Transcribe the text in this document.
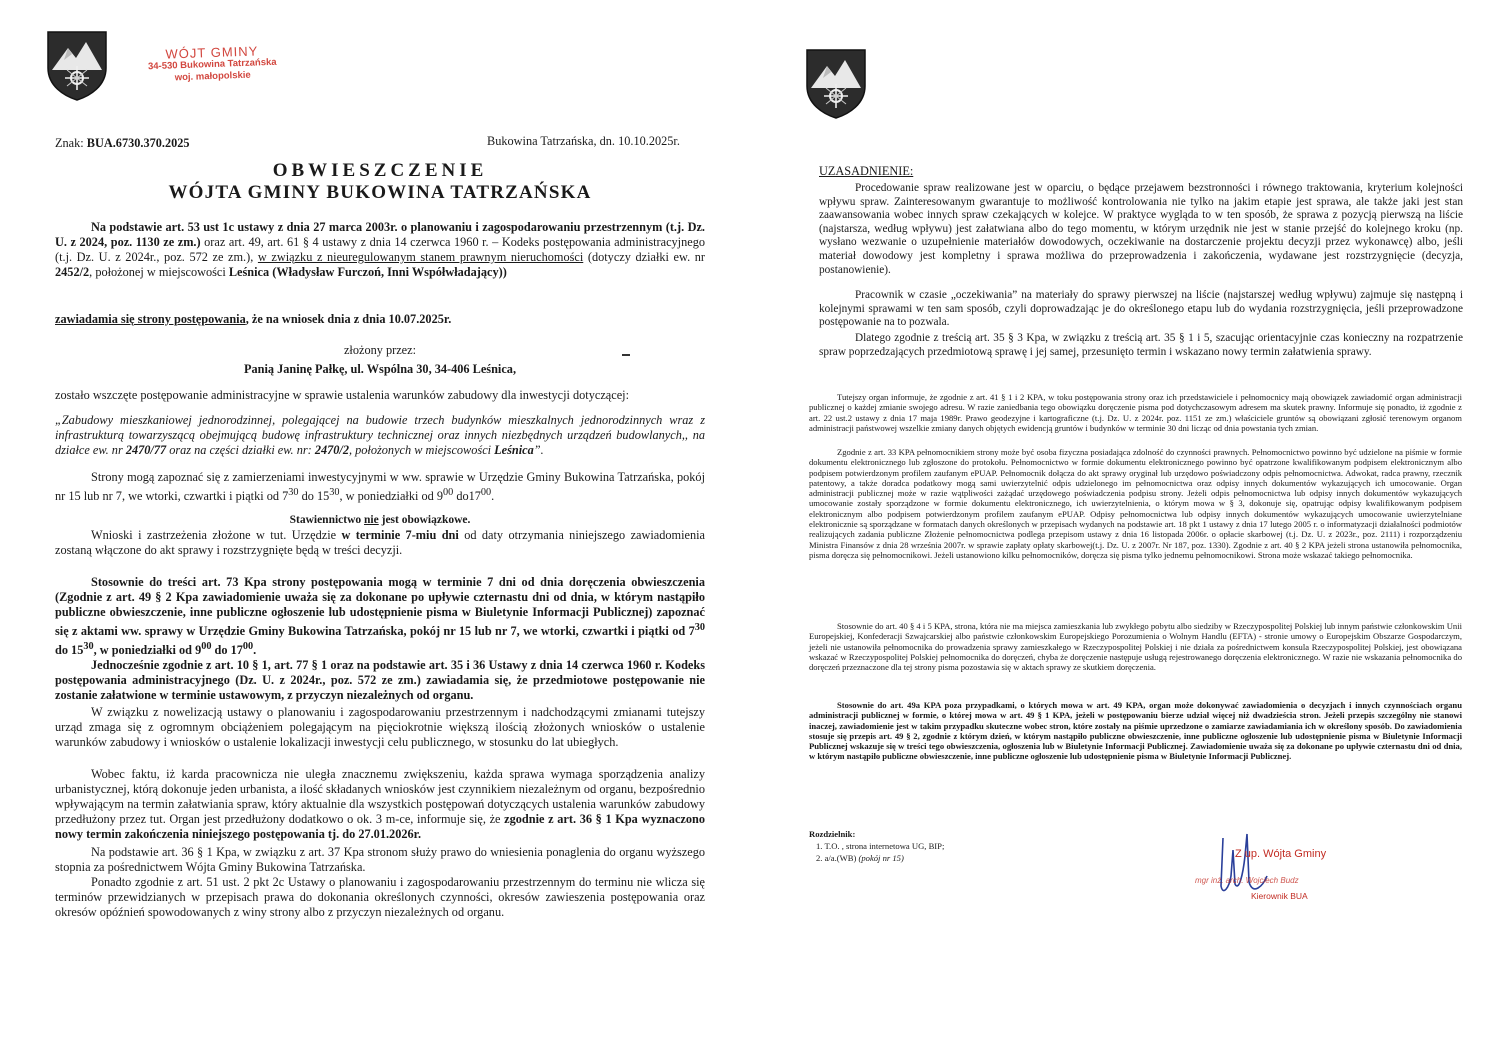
WÓJT GMINY
34-530 Bukowina Tatrzańska
woj. małopolskie
Znak: BUA.6730.370.2025	Bukowina Tatrzańska, dn. 10.10.2025r.
OBWIESZCZENIE
WÓJTA GMINY BUKOWINA TATRZAŃSKA
Na podstawie art. 53 ust 1c ustawy z dnia 27 marca 2003r. o planowaniu i zagospodarowaniu przestrzennym (t.j. Dz. U. z 2024, poz. 1130 ze zm.) oraz art. 49, art. 61 § 4 ustawy z dnia 14 czerwca 1960 r. – Kodeks postępowania administracyjnego (t.j. Dz. U. z 2024r., poz. 572 ze zm.), w związku z nieuregulowanym stanem prawnym nieruchomości (dotyczy działki ew. nr 2452/2, położonej w miejscowości Leśnica (Władysław Furczoń, Inni Współwładający))
zawiadamia się strony postępowania, że na wniosek dnia z dnia 10.07.2025r.
złożony przez:
Panią Janinę Pałkę, ul. Wspólna 30, 34-406 Leśnica,
zostało wszczęte postępowanie administracyjne w sprawie ustalenia warunków zabudowy dla inwestycji dotyczącej:
„Zabudowy mieszkaniowej jednorodzinnej, polegającej na budowie trzech budynków mieszkalnych jednorodzinnych wraz z infrastrukturą towarzyszącą obejmującą budowę infrastruktury technicznej oraz innych niezbędnych urządzeń budowlanych,, na działce ew. nr 2470/77 oraz na części działki ew. nr: 2470/2, położonych w miejscowości Leśnica”.
Strony mogą zapoznać się z zamierzeniami inwestycyjnymi w ww. sprawie w Urzędzie Gminy Bukowina Tatrzańska, pokój nr 15 lub nr 7, we wtorki, czwartki i piątki od $7^{30}$ do $15^{30}$, w poniedziałki od $9^{00}$ $do17^{00}$.
Stawiennictwo nie jest obowiązkowe.
Wnioski i zastrzeżenia złożone w tut. Urzędzie w terminie 7-miu dni od daty otrzymania niniejszego zawiadomienia zostaną włączone do akt sprawy i rozstrzygnięte będą w treści decyzji.
Stosownie do treści art. 73 Kpa strony postępowania mogą w terminie 7 dni od dnia doręczenia obwieszczenia (Zgodnie z art. 49 § 2 Kpa zawiadomienie uważa się za dokonane po upływie czternastu dni od dnia, w którym nastąpiło publiczne obwieszczenie, inne publiczne ogłoszenie lub udostępnienie pisma w Biuletynie Informacji Publicznej) zapoznać się z aktami ww. sprawy w Urzędzie Gminy Bukowina Tatrzańska, pokój nr 15 lub nr 7, we wtorki, czwartki i piątki od $7^{30}$ do $15^{30}$, w poniedziałki od $9^{00}$ do $17^{00}$.
Jednocześnie zgodnie z art. 10 § 1, art. 77 § 1 oraz na podstawie art. 35 i 36 Ustawy z dnia 14 czerwca 1960 r. Kodeks postępowania administracyjnego (Dz. U. z 2024r., poz. 572 ze zm.) zawiadamia się, że przedmiotowe postępowanie nie zostanie załatwione w terminie ustawowym, z przyczyn niezależnych od organu.
W związku z nowelizacją ustawy o planowaniu i zagospodarowaniu przestrzennym i nadchodzącymi zmianami tutejszy urząd zmaga się z ogromnym obciążeniem polegającym na pięciokrotnie większą ilością złożonych wniosków o ustalenie warunków zabudowy i wniosków o ustalenie lokalizacji inwestycji celu publicznego, w stosunku do lat ubiegłych.
Wobec faktu, iż karda pracownicza nie uległa znacznemu zwiększeniu, każda sprawa wymaga sporządzenia analizy urbanistycznej, którą dokonuje jeden urbanista, a ilość składanych wniosków jest czynnikiem niezależnym od organu, bezpośrednio wpływającym na termin załatwiania spraw, który aktualnie dla wszystkich postępowań dotyczących ustalenia warunków zabudowy przedłużony przez tut. Organ jest przedłużony dodatkowo o ok. 3 m-ce, informuje się, że zgodnie z art. 36 § 1 Kpa wyznaczono nowy termin zakończenia niniejszego postępowania tj. do 27.01.2026r.
Na podstawie art. 36 § 1 Kpa, w związku z art. 37 Kpa stronom służy prawo do wniesienia ponaglenia do organu wyższego stopnia za pośrednictwem Wójta Gminy Bukowina Tatrzańska.
Ponadto zgodnie z art. 51 ust. 2 pkt 2c Ustawy o planowaniu i zagospodarowaniu przestrzennym do terminu nie wlicza się terminów przewidzianych w przepisach prawa do dokonania określonych czynności, okresów zawieszenia postępowania oraz okresów opóźnień spowodowanych z winy strony albo z przyczyn niezależnych od organu.
UZASADNIENIE:
Procedowanie spraw realizowane jest w oparciu, o będące przejawem bezstronności i równego traktowania, kryterium kolejności wpływu spraw. Zainteresowanym gwarantuje to możliwość kontrolowania nie tylko na jakim etapie jest sprawa, ale także jaki jest stan zaawansowania wobec innych spraw czekających w kolejce. W praktyce wygląda to w ten sposób, że sprawa z pozycją pierwszą na liście (najstarsza, według wpływu) jest załatwiana albo do tego momentu, w którym urzędnik nie jest w stanie przejść do kolejnego kroku (np. wysłano wezwanie o uzupełnienie materiałów dowodowych, oczekiwanie na dostarczenie projektu decyzji przez wykonawcę) albo, jeśli materiał dowodowy jest kompletny i sprawa możliwa do przeprowadzenia i zakończenia, wydawane jest rozstrzygnięcie (decyzja, postanowienie).
Pracownik w czasie „oczekiwania” na materiały do sprawy pierwszej na liście (najstarszej według wpływu) zajmuje się następną i kolejnymi sprawami w ten sam sposób, czyli doprowadzając je do określonego etapu lub do wydania rozstrzygnięcia, jeśli przeprowadzone postępowanie na to pozwala.
Dlatego zgodnie z treścią art. 35 § 3 Kpa, w związku z treścią art. 35 § 1 i 5, szacując orientacyjnie czas konieczny na rozpatrzenie spraw poprzedzających przedmiotową sprawę i jej samej, przesunięto termin i wskazano nowy termin załatwienia sprawy.
Tutejszy organ informuje, że zgodnie z art. 41 § 1 i 2 KPA, w toku postępowania strony oraz ich przedstawiciele i pełnomocnicy mają obowiązek zawiadomić organ administracji publicznej o każdej zmianie swojego adresu. W razie zaniedbania tego obowiązku doręczenie pisma pod dotychczasowym adresem ma skutek prawny. Informuje się ponadto, iż zgodnie z art. 22 ust.2 ustawy z dnia 17 maja 1989r. Prawo geodezyjne i kartograficzne (t.j. Dz. U. z 2024r. poz. 1151 ze zm.) właściciele gruntów są obowiązani zgłosić terenowym organom administracji państwowej wszelkie zmiany danych objętych ewidencją gruntów i budynków w terminie 30 dni licząc od dnia powstania tych zmian.
Zgodnie z art. 33 KPA pełnomocnikiem strony może być osoba fizyczna posiadająca zdolność do czynności prawnych. Pełnomocnictwo powinno być udzielone na piśmie w formie dokumentu elektronicznego lub zgłoszone do protokołu. Pełnomocnictwo w formie dokumentu elektronicznego powinno być opatrzone kwalifikowanym podpisem elektronicznym albo podpisem potwierdzonym profilem zaufanym ePUAP. Pełnomocnik dołącza do akt sprawy oryginał lub urzędowo poświadczony odpis pełnomocnictwa. Adwokat, radca prawny, rzecznik patentowy, a także doradca podatkowy mogą sami uwierzytelnić odpis udzielonego im pełnomocnictwa oraz odpisy innych dokumentów wykazujących ich umocowanie. Organ administracji publicznej może w razie wątpliwości zażądać urzędowego poświadczenia podpisu strony. Jeżeli odpis pełnomocnictwa lub odpisy innych dokumentów wykazujących umocowanie zostały sporządzone w formie dokumentu elektronicznego, ich uwierzytelnienia, o którym mowa w § 3, dokonuje się, opatrując odpisy kwalifikowanym podpisem elektronicznym albo podpisem potwierdzonym profilem zaufanym ePUAP. Odpisy pełnomocnictwa lub odpisy innych dokumentów wykazujących umocowanie uwierzytelniane elektronicznie są sporządzane w formatach danych określonych w przepisach wydanych na podstawie art. 18 pkt 1 ustawy z dnia 17 lutego 2005 r. o informatyzacji działalności podmiotów realizujących zadania publiczne Złożenie pełnomocnictwa podlega przepisom ustawy z dnia 16 listopada 2006r. o opłacie skarbowej (t.j. Dz. U. z 2023r., poz. 2111) i rozporządzeniu Ministra Finansów z dnia 28 września 2007r. w sprawie zapłaty opłaty skarbowej(t.j. Dz. U. z 2007r. Nr 187, poz. 1330). Zgodnie z art. 40 § 2 KPA jeżeli strona ustanowiła pełnomocnika, pisma doręcza się pełnomocnikowi. Jeżeli ustanowiono kilku pełnomocników, doręcza się pisma tylko jednemu pełnomocnikowi. Strona może wskazać takiego pełnomocnika.
Stosownie do art. 40 § 4 i 5 KPA, strona, która nie ma miejsca zamieszkania lub zwykłego pobytu albo siedziby w Rzeczypospolitej Polskiej lub innym państwie członkowskim Unii Europejskiej, Konfederacji Szwajcarskiej albo państwie członkowskim Europejskiego Porozumienia o Wolnym Handlu (EFTA) - stronie umowy o Europejskim Obszarze Gospodarczym, jeżeli nie ustanowiła pełnomocnika do prowadzenia sprawy zamieszkałego w Rzeczypospolitej Polskiej i nie działa za pośrednictwem konsula Rzeczypospolitej Polskiej, jest obowiązana wskazać w Rzeczypospolitej Polskiej pełnomocnika do doręczeń, chyba że doręczenie następuje usługą rejestrowanego doręczenia elektronicznego. W razie nie wskazania pełnomocnika do doręczeń przeznaczone dla tej strony pisma pozostawia się w aktach sprawy ze skutkiem doręczenia.
Stosownie do art. 49a KPA poza przypadkami, o których mowa w art. 49 KPA, organ może dokonywać zawiadomienia o decyzjach i innych czynnościach organu administracji publicznej w formie, o której mowa w art. 49 § 1 KPA, jeżeli w postępowaniu bierze udział więcej niż dwadzieścia stron. Jeżeli przepis szczególny nie stanowi inaczej, zawiadomienie jest w takim przypadku skuteczne wobec stron, które zostały na piśmie uprzedzone o zamiarze zawiadamiania ich w określony sposób. Do zawiadomienia stosuje się przepis art. 49 § 2, zgodnie z którym dzień, w którym nastąpiło publiczne obwieszczenie, inne publiczne ogłoszenie lub udostępnienie pisma w Biuletynie Informacji Publicznej wskazuje się w treści tego obwieszczenia, ogłoszenia lub w Biuletynie Informacji Publicznej. Zawiadomienie uważa się za dokonane po upływie czternastu dni od dnia, w którym nastąpiło publiczne obwieszczenie, inne publiczne ogłoszenie lub udostępnienie pisma w Biuletynie Informacji Publicznej.
Rozdzielnik:
1. T.O. , strona internetowa UG, BIP;
2. a/a.(WB) (pokój nr 15)	Z up. Wójta Gminy
mgr inż. arch. Wojciech Budz
Kierownik BUA
